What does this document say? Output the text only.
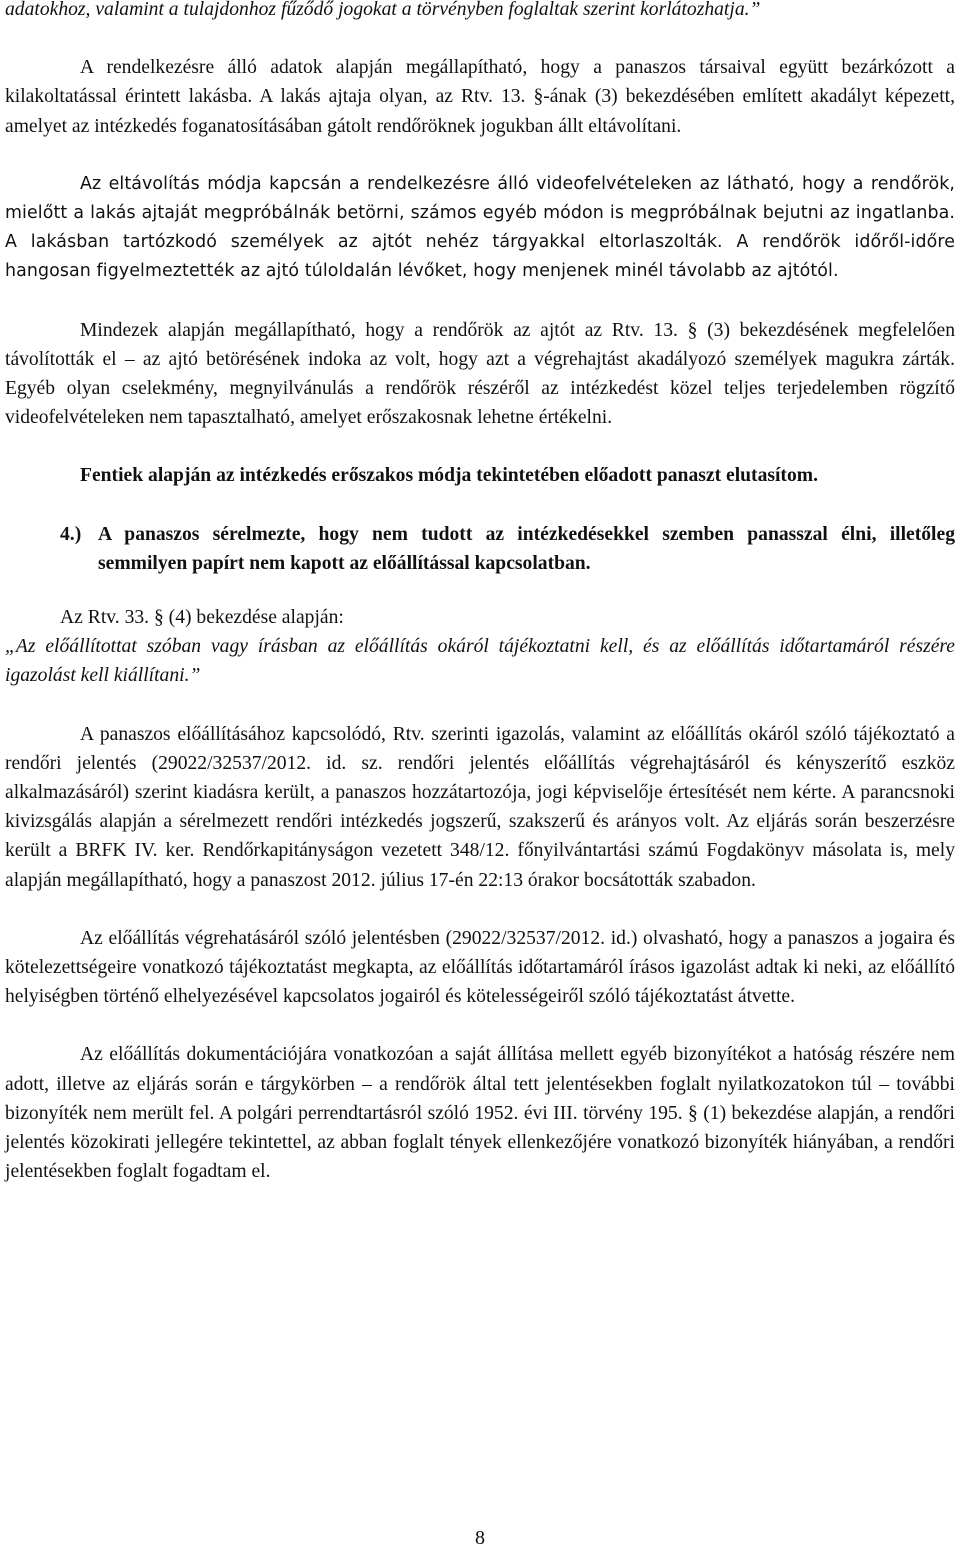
adatokhoz, valamint a tulajdonhoz fűződő jogokat a törvényben foglaltak szerint korlátozhatja.”

A rendelkezésre álló adatok alapján megállapítható, hogy a panaszos társaival együtt bezárkózott a kilakoltatással érintett lakásba. A lakás ajtaja olyan, az Rtv. 13. §-ának (3) bekezdésében említett akadályt képezett, amelyet az intézkedés foganatosításában gátolt rendőröknek jogukban állt eltávolítani.

Az eltávolítás módja kapcsán a rendelkezésre álló videofelvételeken az látható, hogy a rendőrök, mielőtt a lakás ajtaját megpróbálnák betörni, számos egyéb módon is megpróbálnak bejutni az ingatlanba. A lakásban tartózkodó személyek az ajtót nehéz tárgyakkal eltorlaszolták. A rendőrök időről-időre hangosan figyelmeztették az ajtó túloldalán lévőket, hogy menjenek minél távolabb az ajtótól.

Mindezek alapján megállapítható, hogy a rendőrök az ajtót az Rtv. 13. § (3) bekezdésének megfelelően távolították el – az ajtó betörésének indoka az volt, hogy azt a végrehajtást akadályozó személyek magukra zárták. Egyéb olyan cselekmény, megnyilvánulás a rendőrök részéről az intézkedést közel teljes terjedelemben rögzítő videofelvételeken nem tapasztalható, amelyet erőszakosnak lehetne értékelni.

Fentiek alapján az intézkedés erőszakos módja tekintetében előadott panaszt elutasítom.

4.) A panaszos sérelmezte, hogy nem tudott az intézkedésekkel szemben panasszal élni, illetőleg semmilyen papírt nem kapott az előállítással kapcsolatban.

Az Rtv. 33. § (4) bekezdése alapján:

„Az előállítottat szóban vagy írásban az előállítás okáról tájékoztatni kell, és az előállítás időtartamáról részére igazolást kell kiállítani.”

A panaszos előállításához kapcsolódó, Rtv. szerinti igazolás, valamint az előállítás okáról szóló tájékoztató a rendőri jelentés (29022/32537/2012. id. sz. rendőri jelentés előállítás végrehajtásáról és kényszerítő eszköz alkalmazásáról) szerint kiadásra került, a panaszos hozzátartozója, jogi képviselője értesítését nem kérte. A parancsnoki kivizsgálás alapján a sérelmezett rendőri intézkedés jogszerű, szakszerű és arányos volt. Az eljárás során beszerzésre került a BRFK IV. ker. Rendőrkapitányságon vezetett 348/12. főnyilvántartási számú Fogdakönyv másolata is, mely alapján megállapítható, hogy a panaszost 2012. július 17-én 22:13 órakor bocsátották szabadon.

Az előállítás végrehatásáról szóló jelentésben (29022/32537/2012. id.) olvasható, hogy a panaszos a jogaira és kötelezettségeire vonatkozó tájékoztatást megkapta, az előállítás időtartamáról írásos igazolást adtak ki neki, az előállító helyiségben történő elhelyezésével kapcsolatos jogairól és kötelességeiről szóló tájékoztatást átvette.

Az előállítás dokumentációjára vonatkozóan a saját állítása mellett egyéb bizonyítékot a hatóság részére nem adott, illetve az eljárás során e tárgykörben – a rendőrök által tett jelentésekben foglalt nyilatkozatokon túl – további bizonyíték nem merült fel. A polgári perrendtartásról szóló 1952. évi III. törvény 195. § (1) bekezdése alapján, a rendőri jelentés közokirati jellegére tekintettel, az abban foglalt tények ellenkezőjére vonatkozó bizonyíték hiányában, a rendőri jelentésekben foglalt fogadtam el.

8
